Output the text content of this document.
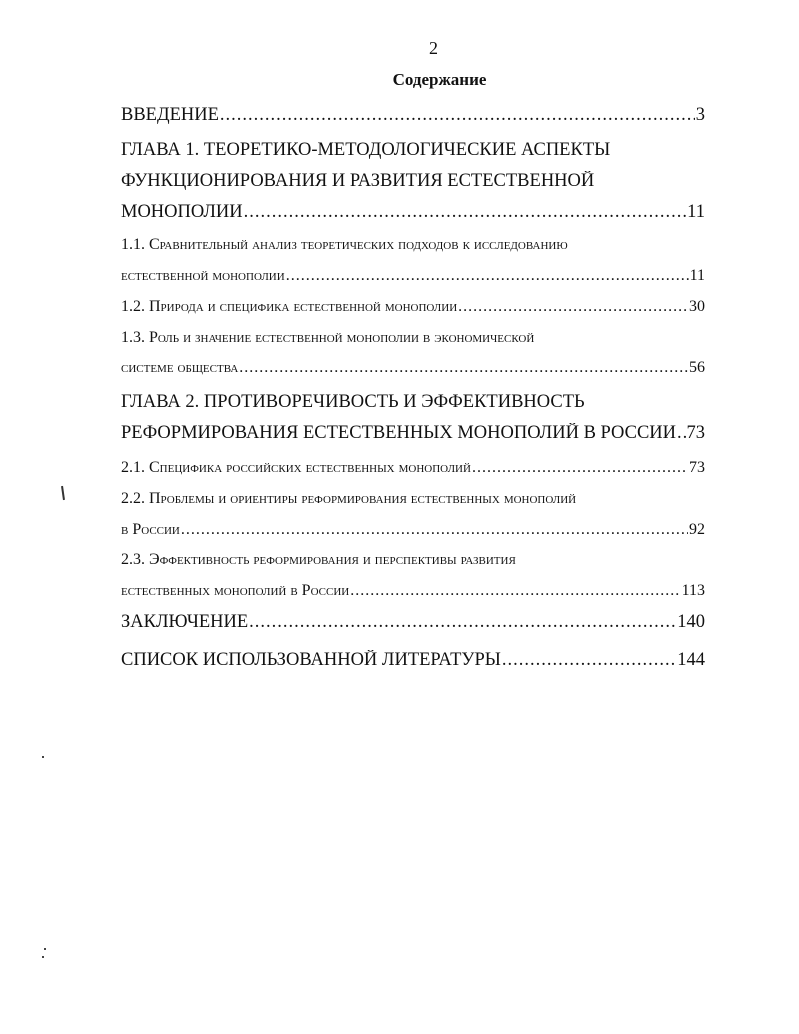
2
Содержание
ВВЕДЕНИЕ .....	3
ГЛАВА 1. ТЕОРЕТИКО-МЕТОДОЛОГИЧЕСКИЕ АСПЕКТЫ
ФУНКЦИОНИРОВАНИЯ И РАЗВИТИЯ ЕСТЕСТВЕННОЙ
МОНОПОЛИИ .....	11
1.1. Сравнительный анализ теоретических подходов к исследованию
естественной монополии .....	11
1.2. Природа и специфика естественной монополии .....	30
1.3. Роль и значение естественной монополии в экономической
системе общества .....	56
ГЛАВА 2. ПРОТИВОРЕЧИВОСТЬ И ЭФФЕКТИВНОСТЬ
РЕФОРМИРОВАНИЯ ЕСТЕСТВЕННЫХ МОНОПОЛИЙ В РОССИИ ..... 73
2.1. Специфика российских естественных монополий .....	73
2.2. Проблемы и ориентиры реформирования естественных монополий
в России .....	92
2.3. Эффективность реформирования и перспективы развития
естественных монополий в России .....	113
ЗАКЛЮЧЕНИЕ .....	140
СПИСОК ИСПОЛЬЗОВАННОЙ ЛИТЕРАТУРЫ .....	144
